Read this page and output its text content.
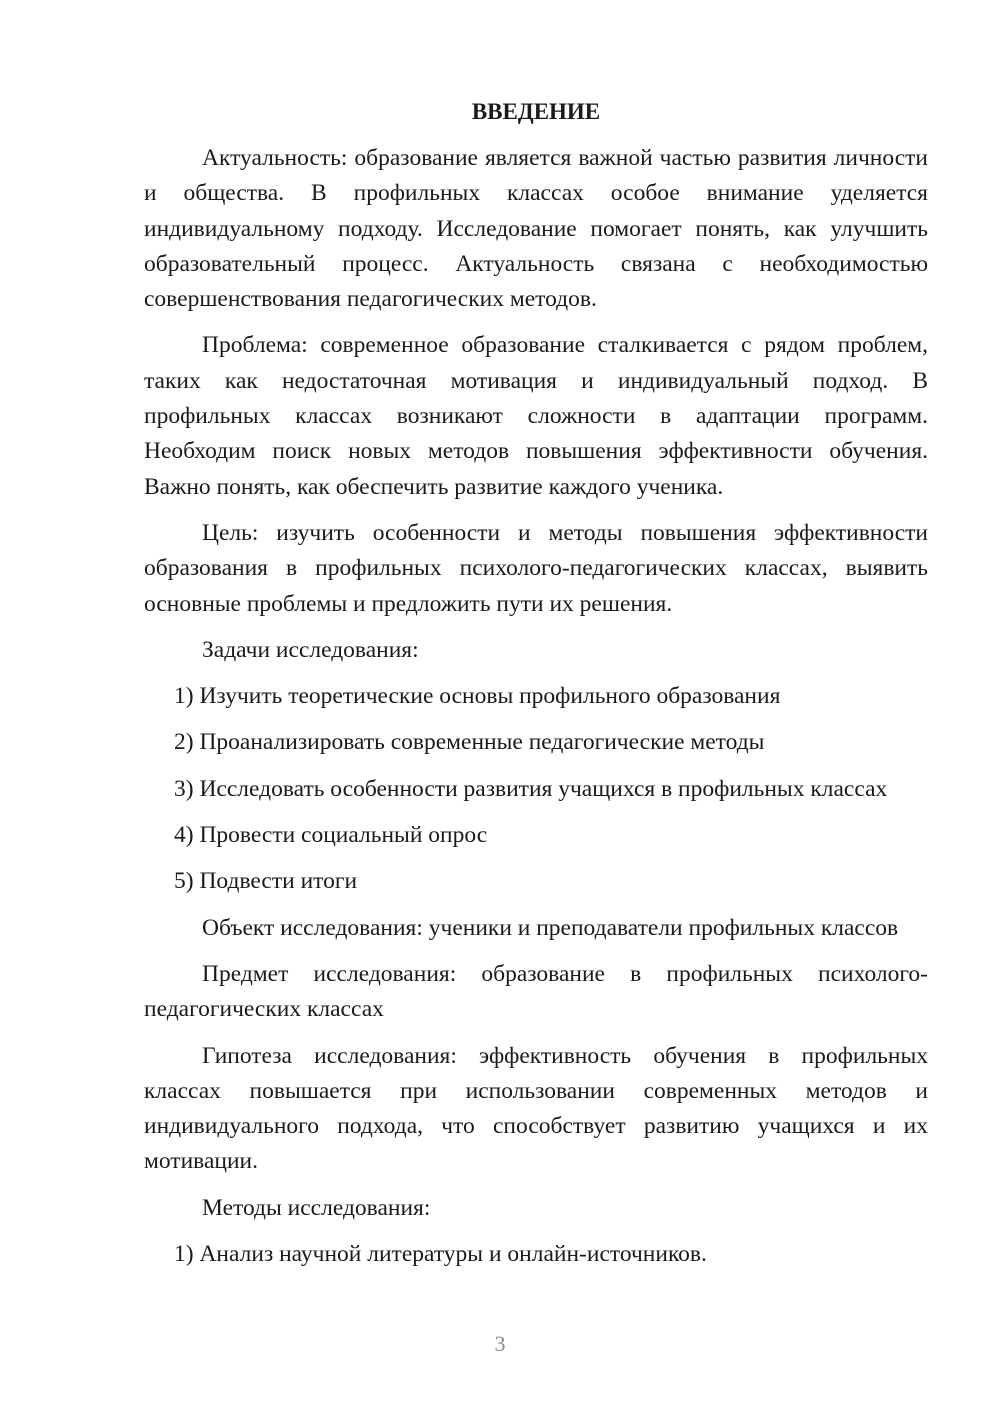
ВВЕДЕНИЕ

Актуальность: образование является важной частью развития личности и общества. В профильных классах особое внимание уделяется индивидуальному подходу. Исследование помогает понять, как улучшить образовательный процесс. Актуальность связана с необходимостью совершенствования педагогических методов.

Проблема: современное образование сталкивается с рядом проблем, таких как недостаточная мотивация и индивидуальный подход. В профильных классах возникают сложности в адаптации программ. Необходим поиск новых методов повышения эффективности обучения. Важно понять, как обеспечить развитие каждого ученика.

Цель: изучить особенности и методы повышения эффективности образования в профильных психолого-педагогических классах, выявить основные проблемы и предложить пути их решения.

Задачи исследования:

1) Изучить теоретические основы профильного образования

2) Проанализировать современные педагогические методы

3) Исследовать особенности развития учащихся в профильных классах

4) Провести социальный опрос

5) Подвести итоги

Объект исследования: ученики и преподаватели профильных классов

Предмет исследования: образование в профильных психолого-педагогических классах

Гипотеза исследования: эффективность обучения в профильных классах повышается при использовании современных методов и индивидуального подхода, что способствует развитию учащихся и их мотивации.

Методы исследования:

1) Анализ научной литературы и онлайн-источников.

3
